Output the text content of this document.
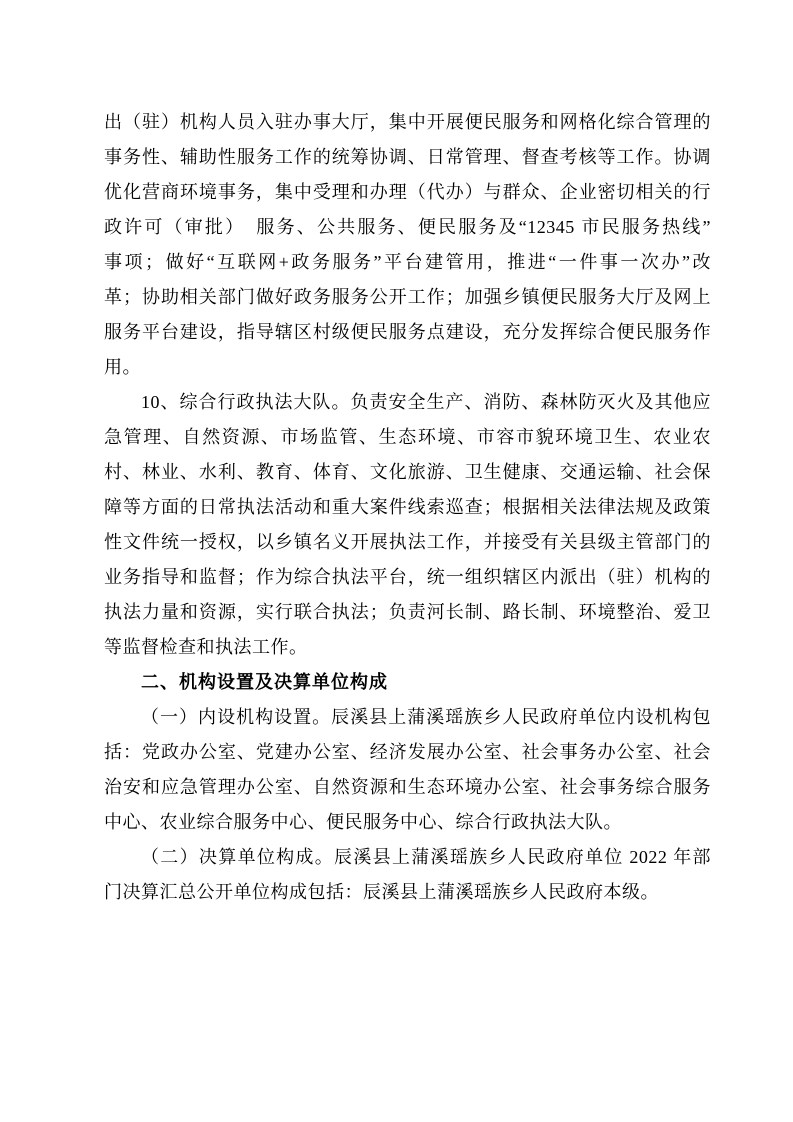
出（驻）机构人员入驻办事大厅，集中开展便民服务和网格化综合管理的
事务性、辅助性服务工作的统筹协调、日常管理、督查考核等工作。协调
优化营商环境事务，集中受理和办理（代办）与群众、企业密切相关的行
政许可（审批）　服务、公共服务、便民服务及“12345 市民服务热线”
事项；做好“互联网+政务服务”平台建管用，推进“一件事一次办”改
革；协助相关部门做好政务服务公开工作；加强乡镇便民服务大厅及网上
服务平台建设，指导辖区村级便民服务点建设，充分发挥综合便民服务作
用。
10、综合行政执法大队。负责安全生产、消防、森林防灭火及其他应
急管理、自然资源、市场监管、生态环境、市容市貌环境卫生、农业农
村、林业、水利、教育、体育、文化旅游、卫生健康、交通运输、社会保
障等方面的日常执法活动和重大案件线索巡查；根据相关法律法规及政策
性文件统一授权，以乡镇名义开展执法工作，并接受有关县级主管部门的
业务指导和监督；作为综合执法平台，统一组织辖区内派出（驻）机构的
执法力量和资源，实行联合执法；负责河长制、路长制、环境整治、爱卫
等监督检查和执法工作。
二、机构设置及决算单位构成
（一）内设机构设置。辰溪县上蒲溪瑶族乡人民政府单位内设机构包
括：党政办公室、党建办公室、经济发展办公室、社会事务办公室、社会
治安和应急管理办公室、自然资源和生态环境办公室、社会事务综合服务
中心、农业综合服务中心、便民服务中心、综合行政执法大队。
（二）决算单位构成。辰溪县上蒲溪瑶族乡人民政府单位 2022 年部
门决算汇总公开单位构成包括：辰溪县上蒲溪瑶族乡人民政府本级。
